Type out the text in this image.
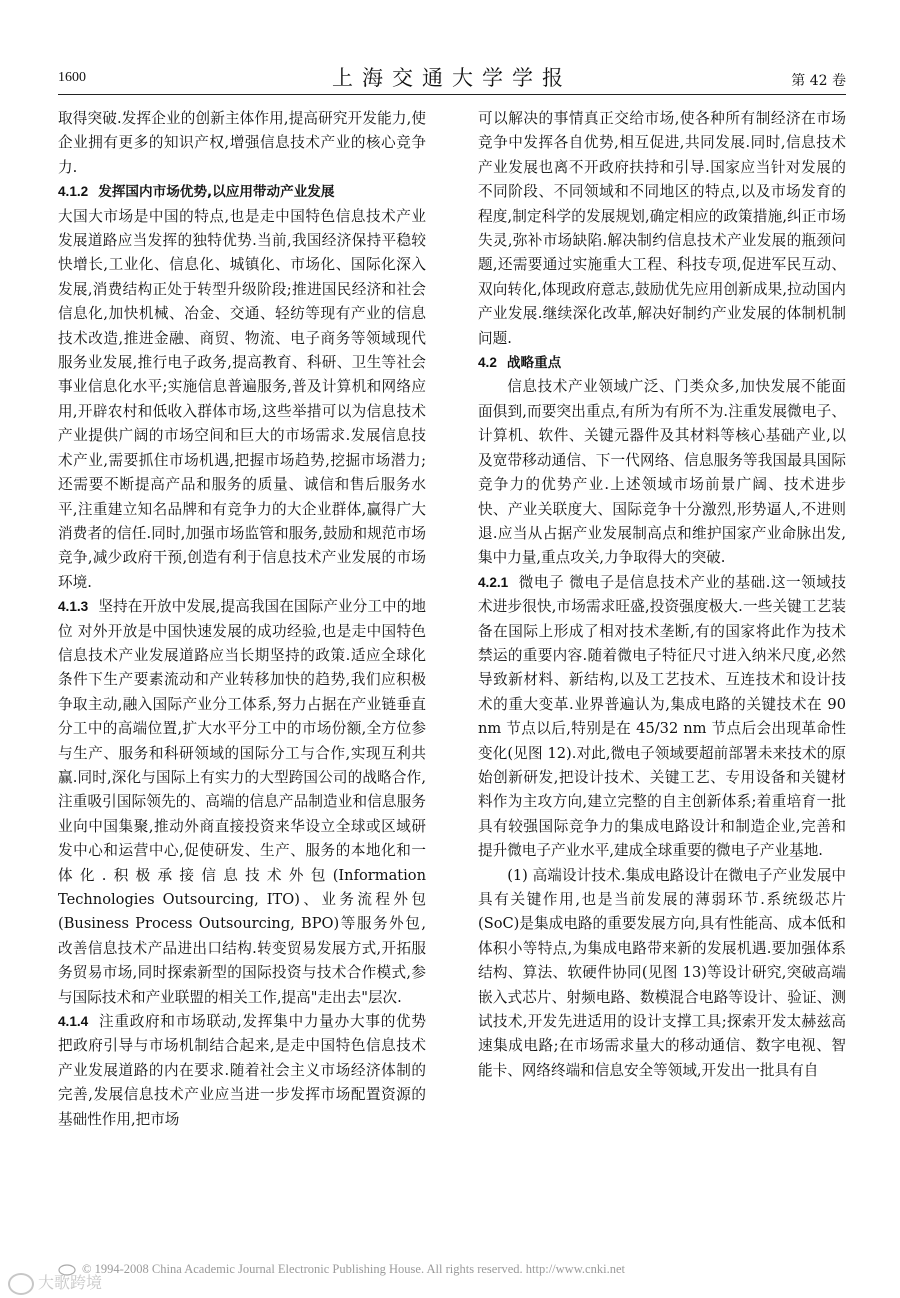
1600	上海交通大学学报	第 42 卷

取得突破.发挥企业的创新主体作用,提高研究开发能力,使企业拥有更多的知识产权,增强信息技术产业的核心竞争力.

4.1.2 发挥国内市场优势,以应用带动产业发展

大国大市场是中国的特点,也是走中国特色信息技术产业发展道路应当发挥的独特优势.当前,我国经济保持平稳较快增长,工业化、信息化、城镇化、市场化、国际化深入发展,消费结构正处于转型升级阶段;推进国民经济和社会信息化,加快机械、冶金、交通、轻纺等现有产业的信息技术改造,推进金融、商贸、物流、电子商务等领域现代服务业发展,推行电子政务,提高教育、科研、卫生等社会事业信息化水平;实施信息普遍服务,普及计算机和网络应用,开辟农村和低收入群体市场,这些举措可以为信息技术产业提供广阔的市场空间和巨大的市场需求.发展信息技术产业,需要抓住市场机遇,把握市场趋势,挖掘市场潜力;还需要不断提高产品和服务的质量、诚信和售后服务水平,注重建立知名品牌和有竞争力的大企业群体,赢得广大消费者的信任.同时,加强市场监管和服务,鼓励和规范市场竞争,减少政府干预,创造有利于信息技术产业发展的市场环境.

4.1.3 坚持在开放中发展,提高我国在国际产业分工中的地位 对外开放是中国快速发展的成功经验,也是走中国特色信息技术产业发展道路应当长期坚持的政策.适应全球化条件下生产要素流动和产业转移加快的趋势,我们应积极争取主动,融入国际产业分工体系,努力占据在产业链垂直分工中的高端位置,扩大水平分工中的市场份额,全方位参与生产、服务和科研领域的国际分工与合作,实现互利共赢.同时,深化与国际上有实力的大型跨国公司的战略合作,注重吸引国际领先的、高端的信息产品制造业和信息服务业向中国集聚,推动外商直接投资来华设立全球或区域研发中心和运营中心,促使研发、生产、服务的本地化和一体化.积极承接信息技术外包(Information Technologies Outsourcing, ITO)、业务流程外包(Business Process Outsourcing, BPO)等服务外包,改善信息技术产品进出口结构.转变贸易发展方式,开拓服务贸易市场,同时探索新型的国际投资与技术合作模式,参与国际技术和产业联盟的相关工作,提高"走出去"层次.

4.1.4 注重政府和市场联动,发挥集中力量办大事的优势 把政府引导与市场机制结合起来,是走中国特色信息技术产业发展道路的内在要求.随着社会主义市场经济体制的完善,发展信息技术产业应当进一步发挥市场配置资源的基础性作用,把市场

可以解决的事情真正交给市场,使各种所有制经济在市场竞争中发挥各自优势,相互促进,共同发展.同时,信息技术产业发展也离不开政府扶持和引导.国家应当针对发展的不同阶段、不同领域和不同地区的特点,以及市场发育的程度,制定科学的发展规划,确定相应的政策措施,纠正市场失灵,弥补市场缺陷.解决制约信息技术产业发展的瓶颈问题,还需要通过实施重大工程、科技专项,促进军民互动、双向转化,体现政府意志,鼓励优先应用创新成果,拉动国内产业发展.继续深化改革,解决好制约产业发展的体制机制问题.

4.2 战略重点

信息技术产业领域广泛、门类众多,加快发展不能面面俱到,而要突出重点,有所为有所不为.注重发展微电子、计算机、软件、关键元器件及其材料等核心基础产业,以及宽带移动通信、下一代网络、信息服务等我国最具国际竞争力的优势产业.上述领域市场前景广阔、技术进步快、产业关联度大、国际竞争十分激烈,形势逼人,不进则退.应当从占据产业发展制高点和维护国家产业命脉出发,集中力量,重点攻关,力争取得大的突破.

4.2.1 微电子 微电子是信息技术产业的基础.这一领域技术进步很快,市场需求旺盛,投资强度极大.一些关键工艺装备在国际上形成了相对技术垄断,有的国家将此作为技术禁运的重要内容.随着微电子特征尺寸进入纳米尺度,必然导致新材料、新结构,以及工艺技术、互连技术和设计技术的重大变革.业界普遍认为,集成电路的关键技术在 90 nm 节点以后,特别是在 45/32 nm 节点后会出现革命性变化(见图 12).对此,微电子领域要超前部署未来技术的原始创新研发,把设计技术、关键工艺、专用设备和关键材料作为主攻方向,建立完整的自主创新体系;着重培育一批具有较强国际竞争力的集成电路设计和制造企业,完善和提升微电子产业水平,建成全球重要的微电子产业基地.

(1) 高端设计技术.集成电路设计在微电子产业发展中具有关键作用,也是当前发展的薄弱环节.系统级芯片(SoC)是集成电路的重要发展方向,具有性能高、成本低和体积小等特点,为集成电路带来新的发展机遇.要加强体系结构、算法、软硬件协同(见图 13)等设计研究,突破高端嵌入式芯片、射频电路、数模混合电路等设计、验证、测试技术,开发先进适用的设计支撑工具;探索开发太赫兹高速集成电路;在市场需求量大的移动通信、数字电视、智能卡、网络终端和信息安全等领域,开发出一批具有自

© 1994-2008 China Academic Journal Electronic Publishing House. All rights reserved. http://www.cnki.net
大歌跨境
